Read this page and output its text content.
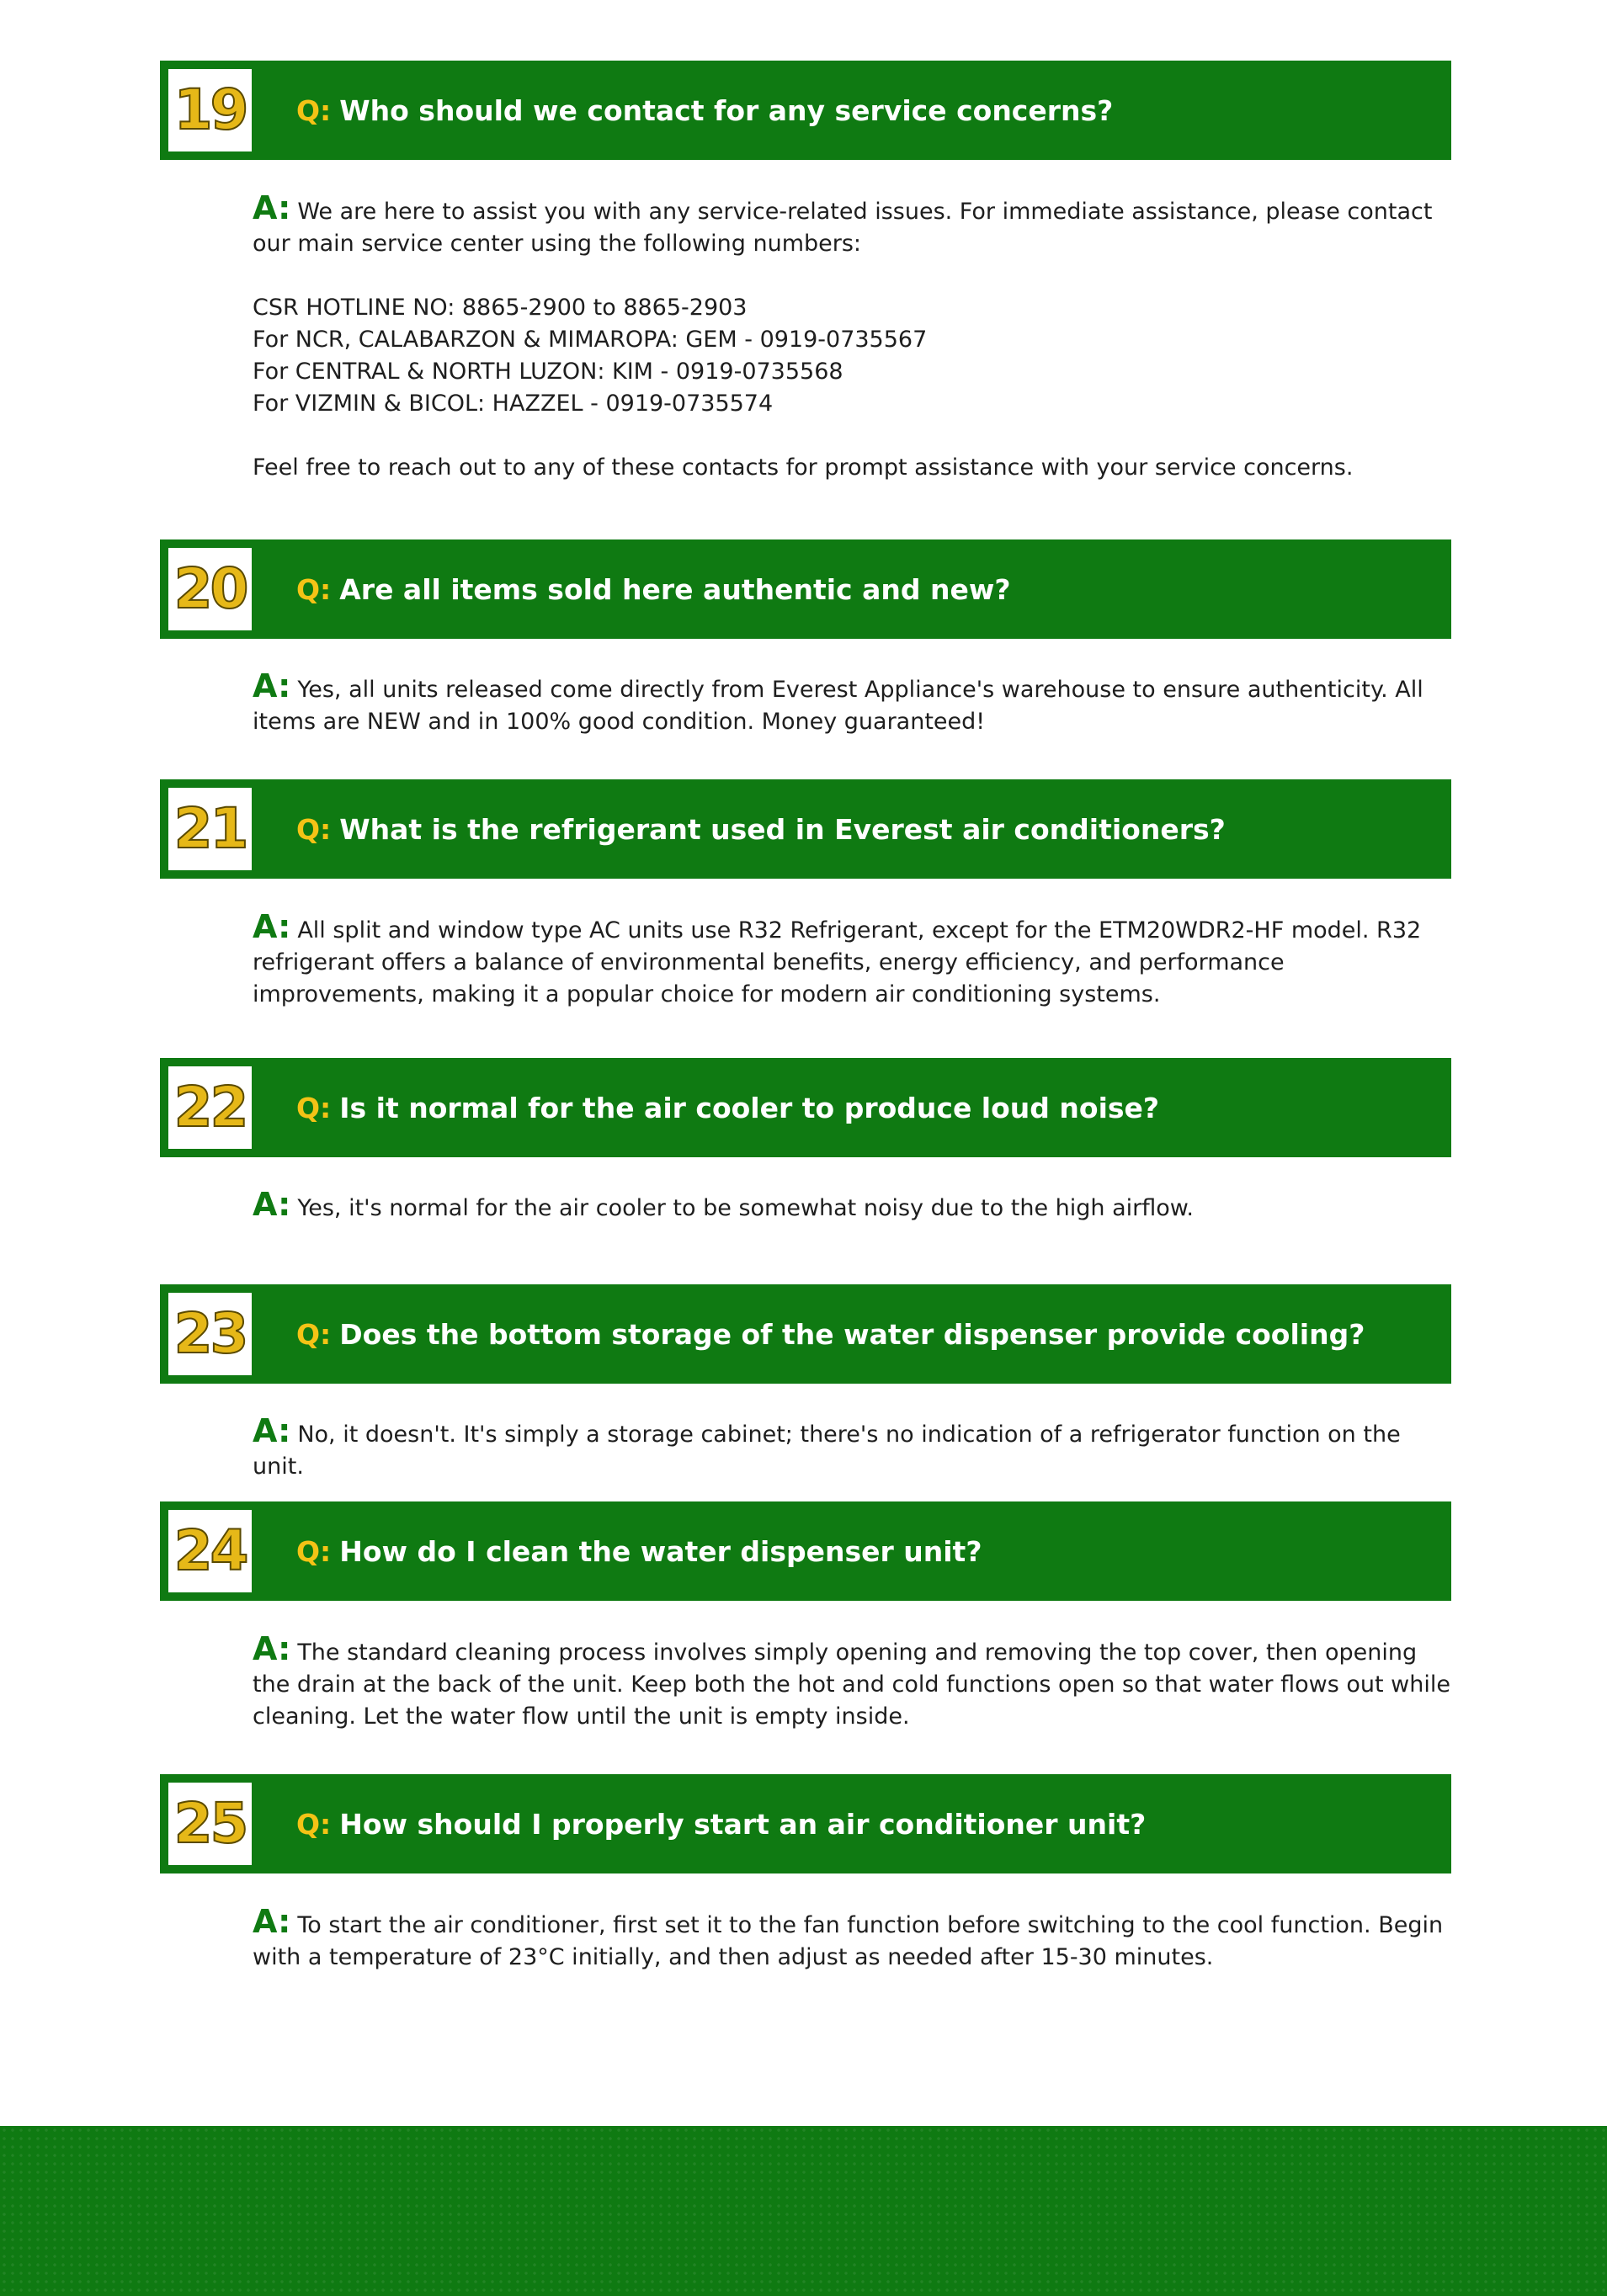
19 Q: Who should we contact for any service concerns?

A: We are here to assist you with any service-related issues. For immediate assistance, please contact our main service center using the following numbers:

CSR HOTLINE NO: 8865-2900 to 8865-2903
For NCR, CALABARZON & MIMAROPA: GEM - 0919-0735567
For CENTRAL & NORTH LUZON: KIM - 0919-0735568
For VIZMIN & BICOL: HAZZEL - 0919-0735574

Feel free to reach out to any of these contacts for prompt assistance with your service concerns.

20 Q: Are all items sold here authentic and new?

A: Yes, all units released come directly from Everest Appliance's warehouse to ensure authenticity. All items are NEW and in 100% good condition. Money guaranteed!

21 Q: What is the refrigerant used in Everest air conditioners?

A: All split and window type AC units use R32 Refrigerant, except for the ETM20WDR2-HF model. R32 refrigerant offers a balance of environmental benefits, energy efficiency, and performance improvements, making it a popular choice for modern air conditioning systems.

22 Q: Is it normal for the air cooler to produce loud noise?

A: Yes, it's normal for the air cooler to be somewhat noisy due to the high airflow.

23 Q: Does the bottom storage of the water dispenser provide cooling?

A: No, it doesn't. It's simply a storage cabinet; there's no indication of a refrigerator function on the unit.

24 Q: How do I clean the water dispenser unit?

A: The standard cleaning process involves simply opening and removing the top cover, then opening the drain at the back of the unit. Keep both the hot and cold functions open so that water flows out while cleaning. Let the water flow until the unit is empty inside.

25 Q: How should I properly start an air conditioner unit?

A: To start the air conditioner, first set it to the fan function before switching to the cool function. Begin with a temperature of 23°C initially, and then adjust as needed after 15-30 minutes.
